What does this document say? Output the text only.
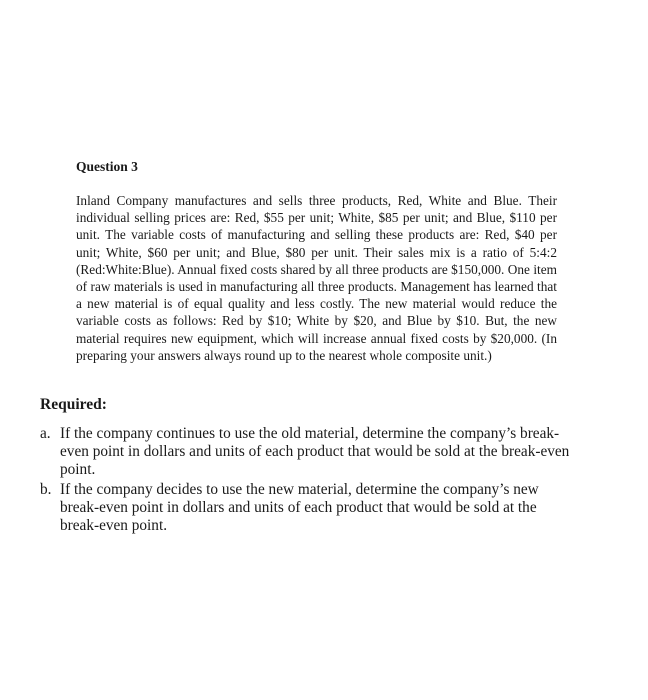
Question 3

Inland Company manufactures and sells three products, Red, White and Blue. Their individual selling prices are: Red, $55 per unit; White, $85 per unit; and Blue, $110 per unit. The variable costs of manufacturing and selling these products are: Red, $40 per unit; White, $60 per unit; and Blue, $80 per unit. Their sales mix is a ratio of 5:4:2 (Red:White:Blue). Annual fixed costs shared by all three products are $150,000. One item of raw materials is used in manufacturing all three products. Management has learned that a new material is of equal quality and less costly. The new material would reduce the variable costs as follows: Red by $10; White by $20, and Blue by $10. But, the new material requires new equipment, which will increase annual fixed costs by $20,000. (In preparing your answers always round up to the nearest whole composite unit.)

Required:
a. If the company continues to use the old material, determine the company’s break-even point in dollars and units of each product that would be sold at the break-even point.
b. If the company decides to use the new material, determine the company’s new break-even point in dollars and units of each product that would be sold at the break-even point.
